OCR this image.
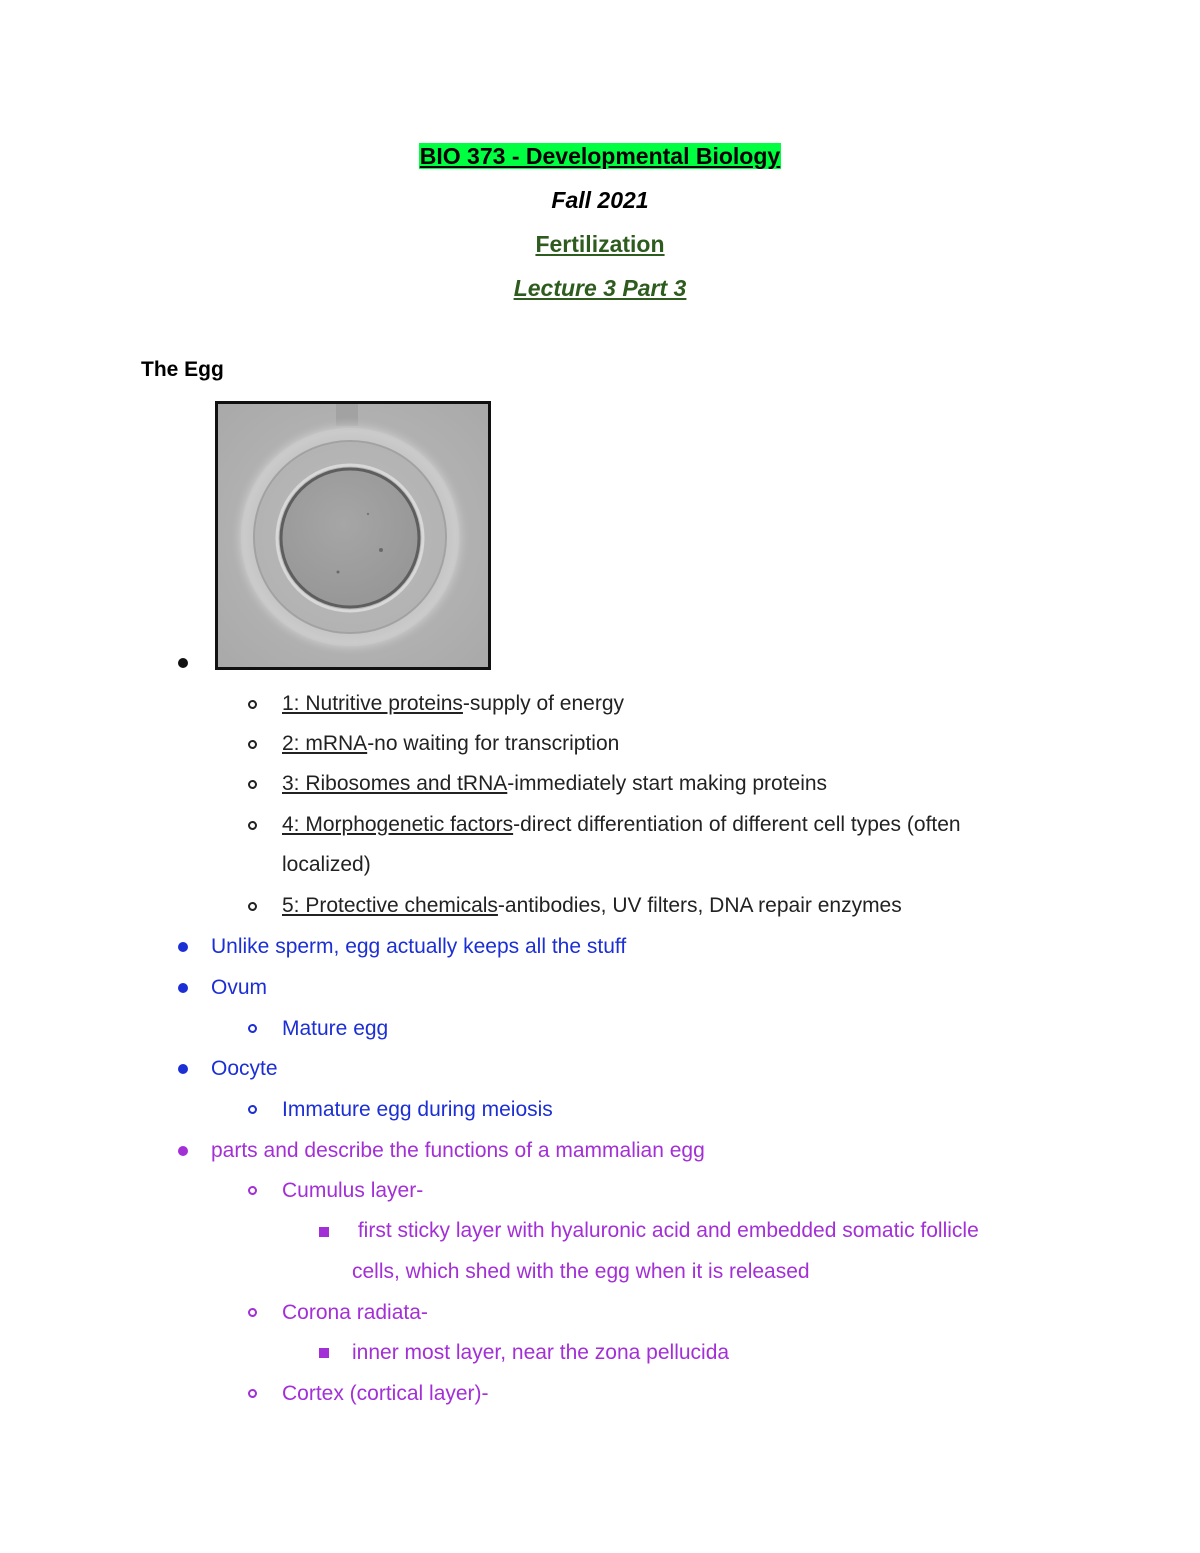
BIO 373 - Developmental Biology
Fall 2021
Fertilization
Lecture 3 Part 3
The Egg
1: Nutritive proteins-supply of energy
2: mRNA-no waiting for transcription
3: Ribosomes and tRNA-immediately start making proteins
4: Morphogenetic factors-direct differentiation of different cell types (often
localized)
5: Protective chemicals-antibodies, UV filters, DNA repair enzymes
Unlike sperm, egg actually keeps all the stuff
Ovum
Mature egg
Oocyte
Immature egg during meiosis
parts and describe the functions of a mammalian egg
Cumulus layer-
first sticky layer with hyaluronic acid and embedded somatic follicle
cells, which shed with the egg when it is released
Corona radiata-
inner most layer, near the zona pellucida
Cortex (cortical layer)-
